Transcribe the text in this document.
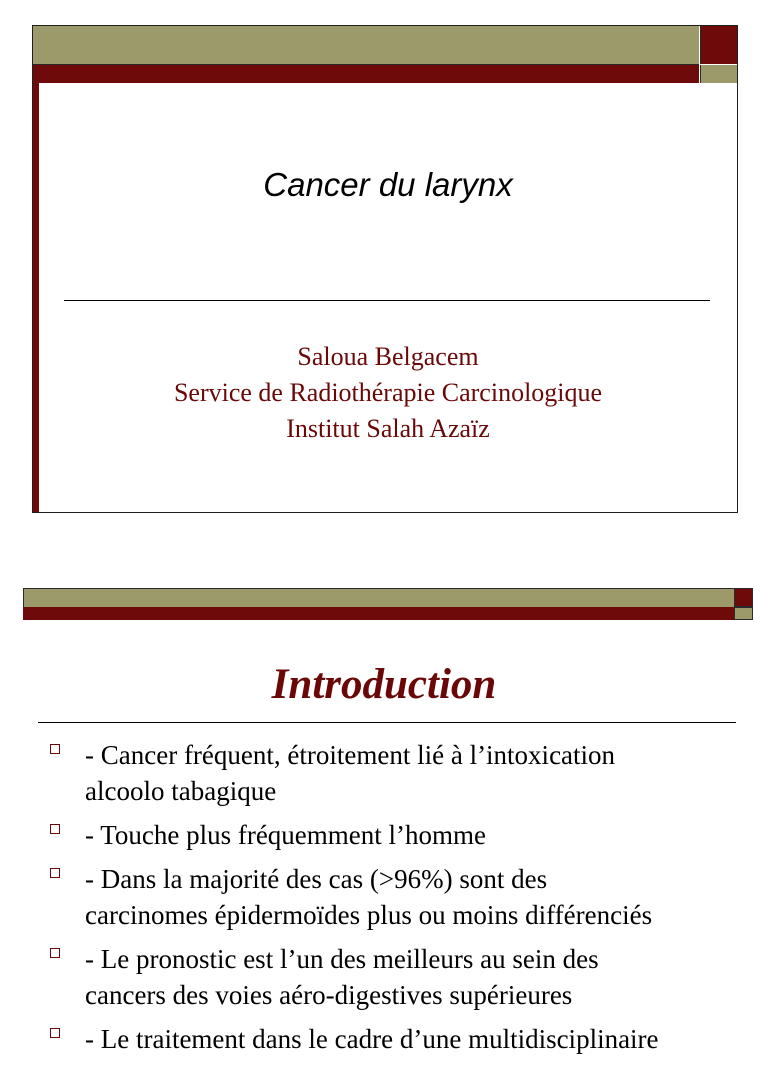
Cancer du larynx
Saloua Belgacem
Service de Radiothérapie Carcinologique
Institut Salah Azaïz
Introduction
- Cancer fréquent, étroitement lié à l’intoxication
alcoolo tabagique
- Touche plus fréquemment l’homme
- Dans la majorité des cas (>96%) sont des
carcinomes épidermoïdes plus ou moins différenciés
- Le pronostic est l’un des meilleurs au sein des
cancers des voies aéro-digestives supérieures
- Le traitement dans le cadre d’une multidisciplinaire
